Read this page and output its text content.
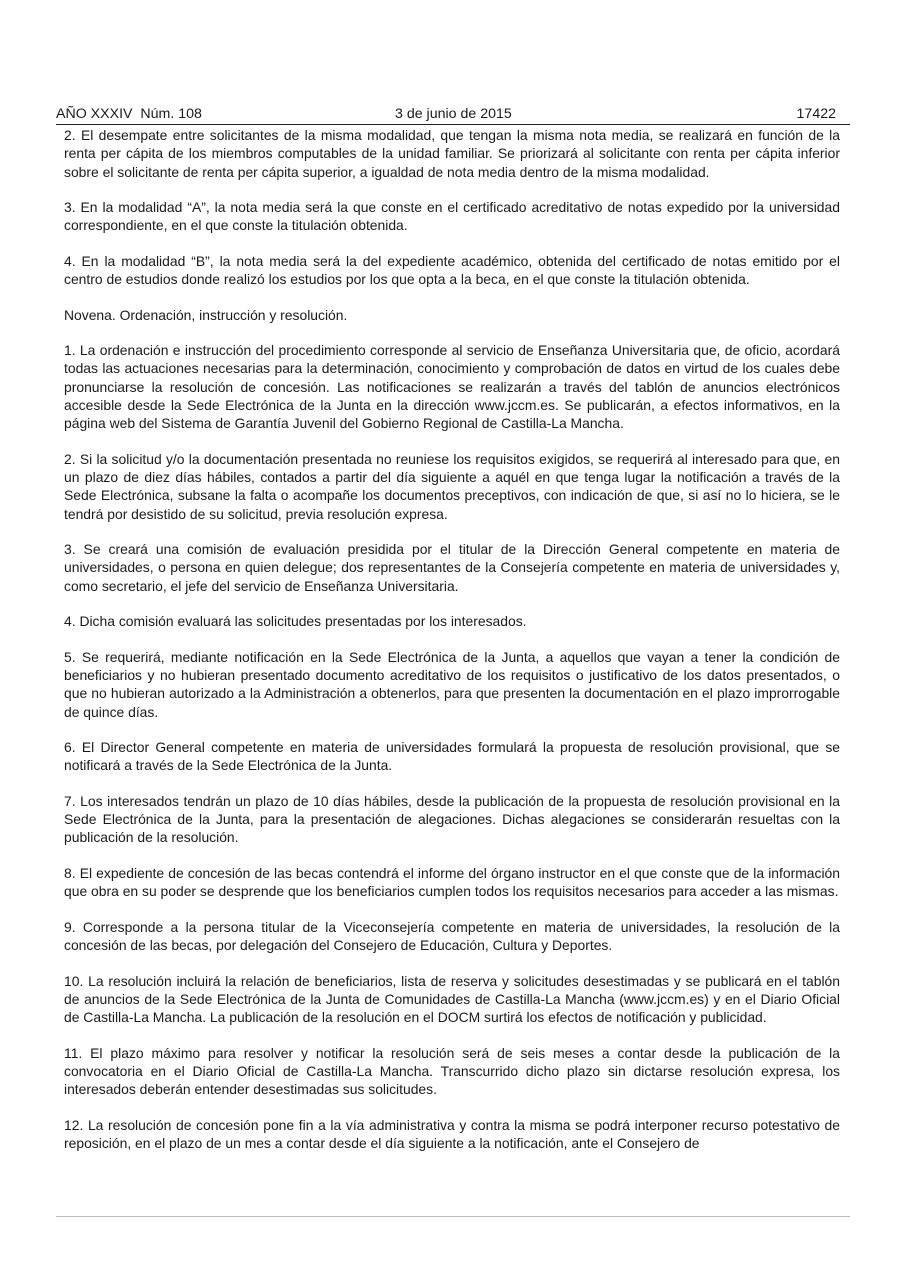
AÑO XXXIV  Núm. 108	3 de junio de 2015	17422

2. El desempate entre solicitantes de la misma modalidad, que tengan la misma nota media, se realizará en función de la renta per cápita de los miembros computables de la unidad familiar. Se priorizará al solicitante con renta per cápita inferior sobre el solicitante de renta per cápita superior, a igualdad de nota media dentro de la misma modalidad.

3. En la modalidad “A”, la nota media será la que conste en el certificado acreditativo de notas expedido por la universidad correspondiente, en el que conste la titulación obtenida.

4. En la modalidad “B”, la nota media será la del expediente académico, obtenida del certificado de notas emitido por el centro de estudios donde realizó los estudios por los que opta a la beca, en el que conste la titulación obtenida.

Novena. Ordenación, instrucción y resolución.

1. La ordenación e instrucción del procedimiento corresponde al servicio de Enseñanza Universitaria que, de oficio, acordará todas las actuaciones necesarias para la determinación, conocimiento y comprobación de datos en virtud de los cuales debe pronunciarse la resolución de concesión. Las notificaciones se realizarán a través del tablón de anuncios electrónicos accesible desde la Sede Electrónica de la Junta en la dirección www.jccm.es. Se publicarán, a efectos informativos, en la página web del Sistema de Garantía Juvenil del Gobierno Regional de Castilla-La Mancha.

2. Si la solicitud y/o la documentación presentada no reuniese los requisitos exigidos, se requerirá al interesado para que, en un plazo de diez días hábiles, contados a partir del día siguiente a aquél en que tenga lugar la notificación a través de la Sede Electrónica, subsane la falta o acompañe los documentos preceptivos, con indicación de que, si así no lo hiciera, se le tendrá por desistido de su solicitud, previa resolución expresa.

3. Se creará una comisión de evaluación presidida por el titular de la Dirección General competente en materia de universidades, o persona en quien delegue; dos representantes de la Consejería competente en materia de universidades y, como secretario, el jefe del servicio de Enseñanza Universitaria.

4. Dicha comisión evaluará las solicitudes presentadas por los interesados.

5. Se requerirá, mediante notificación en la Sede Electrónica de la Junta, a aquellos que vayan a tener la condición de beneficiarios y no hubieran presentado documento acreditativo de los requisitos o justificativo de los datos presentados, o que no hubieran autorizado a la Administración a obtenerlos, para que presenten la documentación en el plazo improrrogable de quince días.

6. El Director General competente en materia de universidades formulará la propuesta de resolución provisional, que se notificará a través de la Sede Electrónica de la Junta.

7. Los interesados tendrán un plazo de 10 días hábiles, desde la publicación de la propuesta de resolución provisional en la Sede Electrónica de la Junta, para la presentación de alegaciones. Dichas alegaciones se considerarán resueltas con la publicación de la resolución.

8. El expediente de concesión de las becas contendrá el informe del órgano instructor en el que conste que de la información que obra en su poder se desprende que los beneficiarios cumplen todos los requisitos necesarios para acceder a las mismas.

9. Corresponde a la persona titular de la Viceconsejería competente en materia de universidades, la resolución de la concesión de las becas, por delegación del Consejero de Educación, Cultura y Deportes.

10. La resolución incluirá la relación de beneficiarios, lista de reserva y solicitudes desestimadas y se publicará en el tablón de anuncios de la Sede Electrónica de la Junta de Comunidades de Castilla-La Mancha (www.jccm.es) y en el Diario Oficial de Castilla-La Mancha. La publicación de la resolución en el DOCM surtirá los efectos de notificación y publicidad.

11. El plazo máximo para resolver y notificar la resolución será de seis meses a contar desde la publicación de la convocatoria en el Diario Oficial de Castilla-La Mancha. Transcurrido dicho plazo sin dictarse resolución expresa, los interesados deberán entender desestimadas sus solicitudes.

12. La resolución de concesión pone fin a la vía administrativa y contra la misma se podrá interponer recurso potestativo de reposición, en el plazo de un mes a contar desde el día siguiente a la notificación, ante el Consejero de
